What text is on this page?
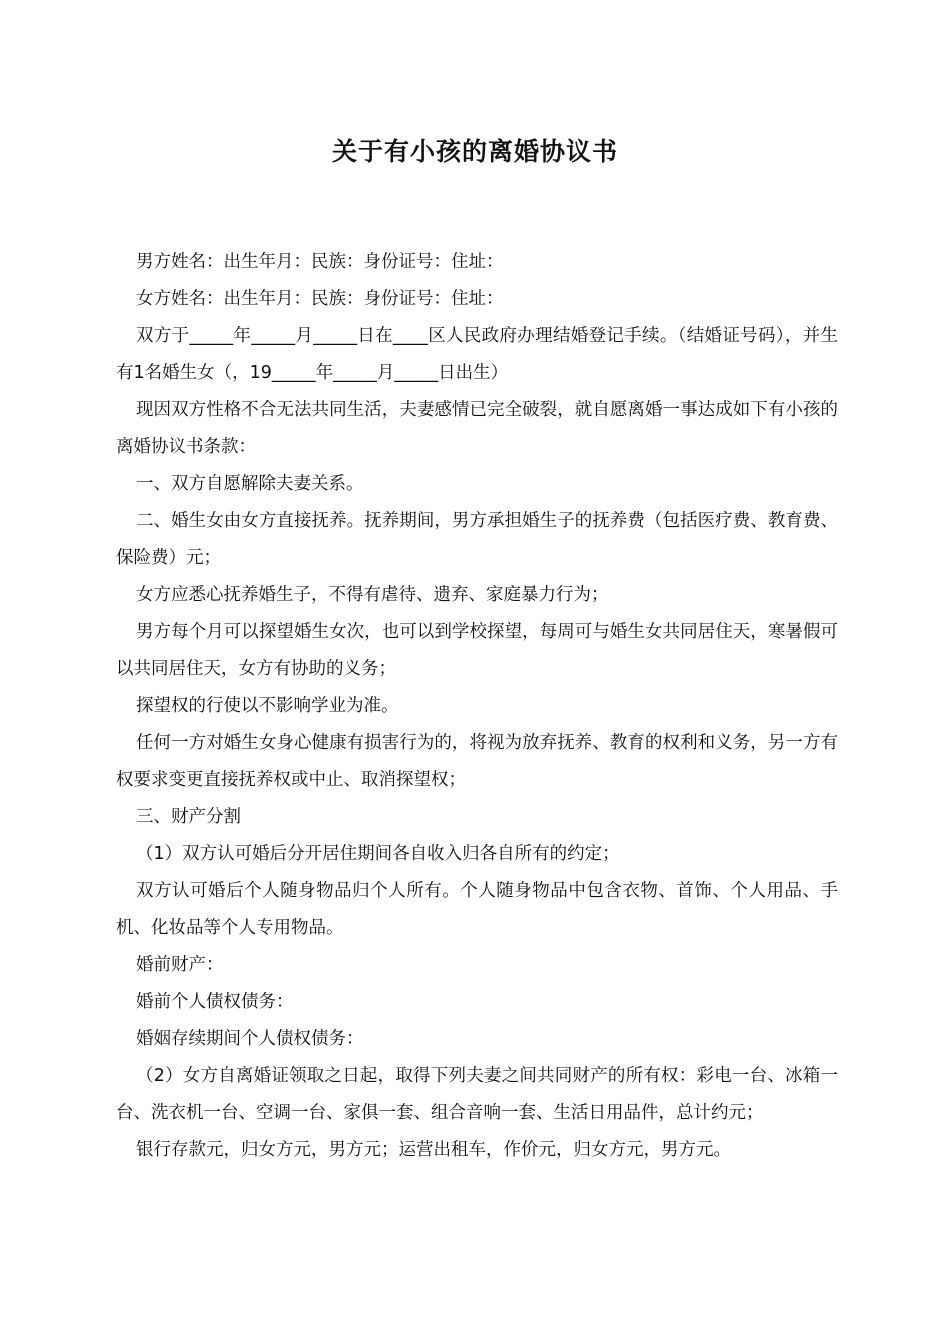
关于有小孩的离婚协议书

男方姓名：出生年月：民族：身份证号：住址：

女方姓名：出生年月：民族：身份证号：住址：

双方于_____年_____月_____日在____区人民政府办理结婚登记手续。（结婚证号码），并生有1名婚生女（，19_____年_____月_____日出生）

现因双方性格不合无法共同生活，夫妻感情已完全破裂，就自愿离婚一事达成如下有小孩的离婚协议书条款：

一、双方自愿解除夫妻关系。

二、婚生女由女方直接抚养。抚养期间，男方承担婚生子的抚养费（包括医疗费、教育费、保险费）元；

女方应悉心抚养婚生子，不得有虐待、遗弃、家庭暴力行为；

男方每个月可以探望婚生女次，也可以到学校探望，每周可与婚生女共同居住天，寒暑假可以共同居住天，女方有协助的义务；

探望权的行使以不影响学业为准。

任何一方对婚生女身心健康有损害行为的，将视为放弃抚养、教育的权利和义务，另一方有权要求变更直接抚养权或中止、取消探望权；

三、财产分割

（1）双方认可婚后分开居住期间各自收入归各自所有的约定；

双方认可婚后个人随身物品归个人所有。个人随身物品中包含衣物、首饰、个人用品、手机、化妆品等个人专用物品。

婚前财产：

婚前个人债权债务：

婚姻存续期间个人债权债务：

（2）女方自离婚证领取之日起，取得下列夫妻之间共同财产的所有权：彩电一台、冰箱一台、洗衣机一台、空调一台、家俱一套、组合音响一套、生活日用品件，总计约元；

银行存款元，归女方元，男方元；运营出租车，作价元，归女方元，男方元。
